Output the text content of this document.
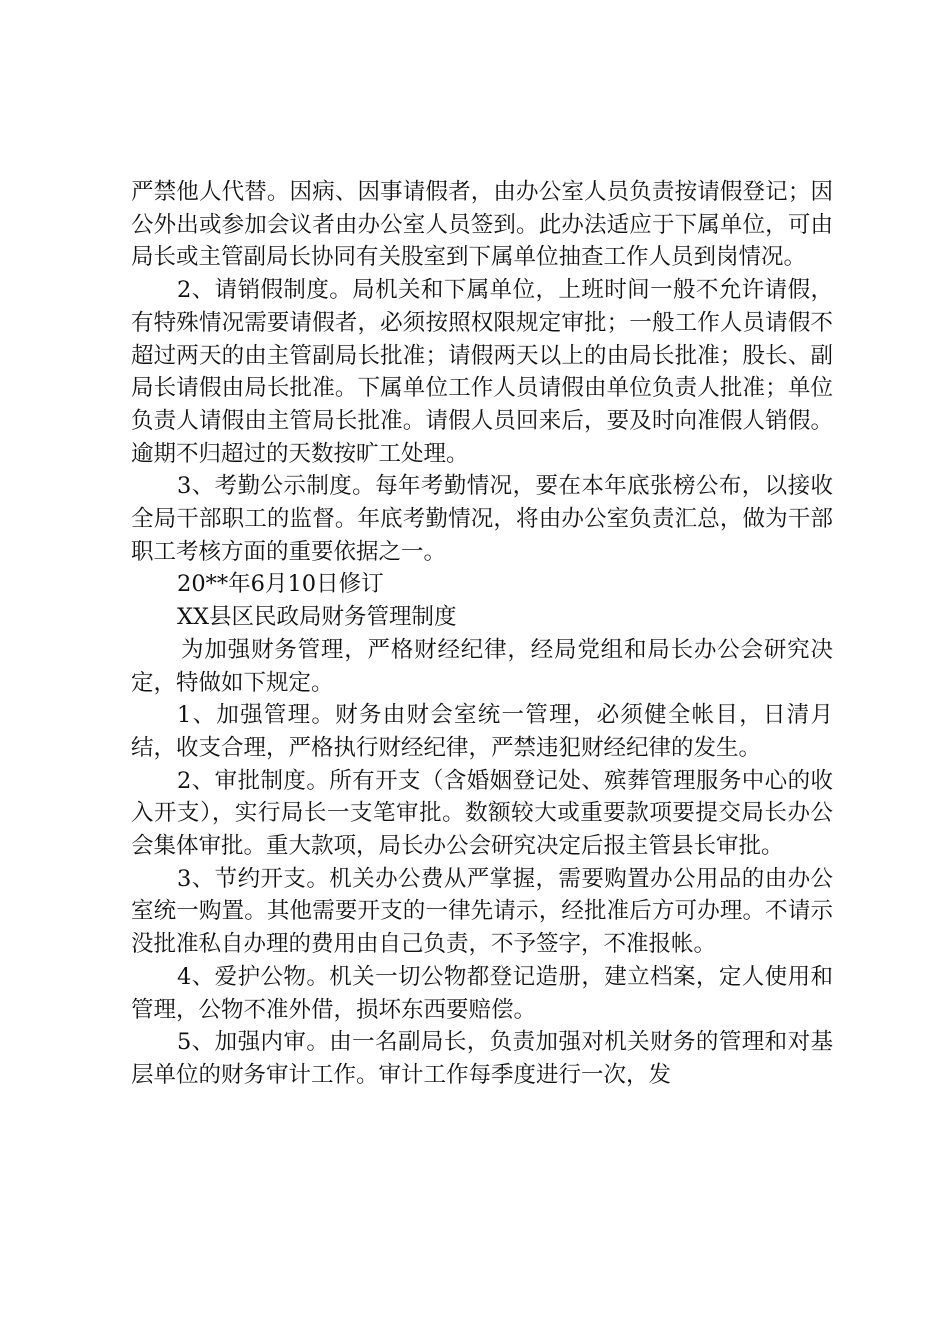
严禁他人代替。因病、因事请假者，由办公室人员负责按请假登记；因公外出或参加会议者由办公室人员签到。此办法适应于下属单位，可由局长或主管副局长协同有关股室到下属单位抽查工作人员到岗情况。

2、请销假制度。局机关和下属单位，上班时间一般不允许请假，有特殊情况需要请假者，必须按照权限规定审批；一般工作人员请假不超过两天的由主管副局长批准；请假两天以上的由局长批准；股长、副局长请假由局长批准。下属单位工作人员请假由单位负责人批准；单位负责人请假由主管局长批准。请假人员回来后，要及时向准假人销假。逾期不归超过的天数按旷工处理。

3、考勤公示制度。每年考勤情况，要在本年底张榜公布，以接收全局干部职工的监督。年底考勤情况，将由办公室负责汇总，做为干部职工考核方面的重要依据之一。

20**年6月10日修订

XX县区民政局财务管理制度

为加强财务管理，严格财经纪律，经局党组和局长办公会研究决定，特做如下规定。

1、加强管理。财务由财会室统一管理，必须健全帐目，日清月结，收支合理，严格执行财经纪律，严禁违犯财经纪律的发生。

2、审批制度。所有开支（含婚姻登记处、殡葬管理服务中心的收入开支），实行局长一支笔审批。数额较大或重要款项要提交局长办公会集体审批。重大款项，局长办公会研究决定后报主管县长审批。

3、节约开支。机关办公费从严掌握，需要购置办公用品的由办公室统一购置。其他需要开支的一律先请示，经批准后方可办理。不请示没批准私自办理的费用由自己负责，不予签字，不准报帐。

4、爱护公物。机关一切公物都登记造册，建立档案，定人使用和管理，公物不准外借，损坏东西要赔偿。

5、加强内审。由一名副局长，负责加强对机关财务的管理和对基层单位的财务审计工作。审计工作每季度进行一次，发
